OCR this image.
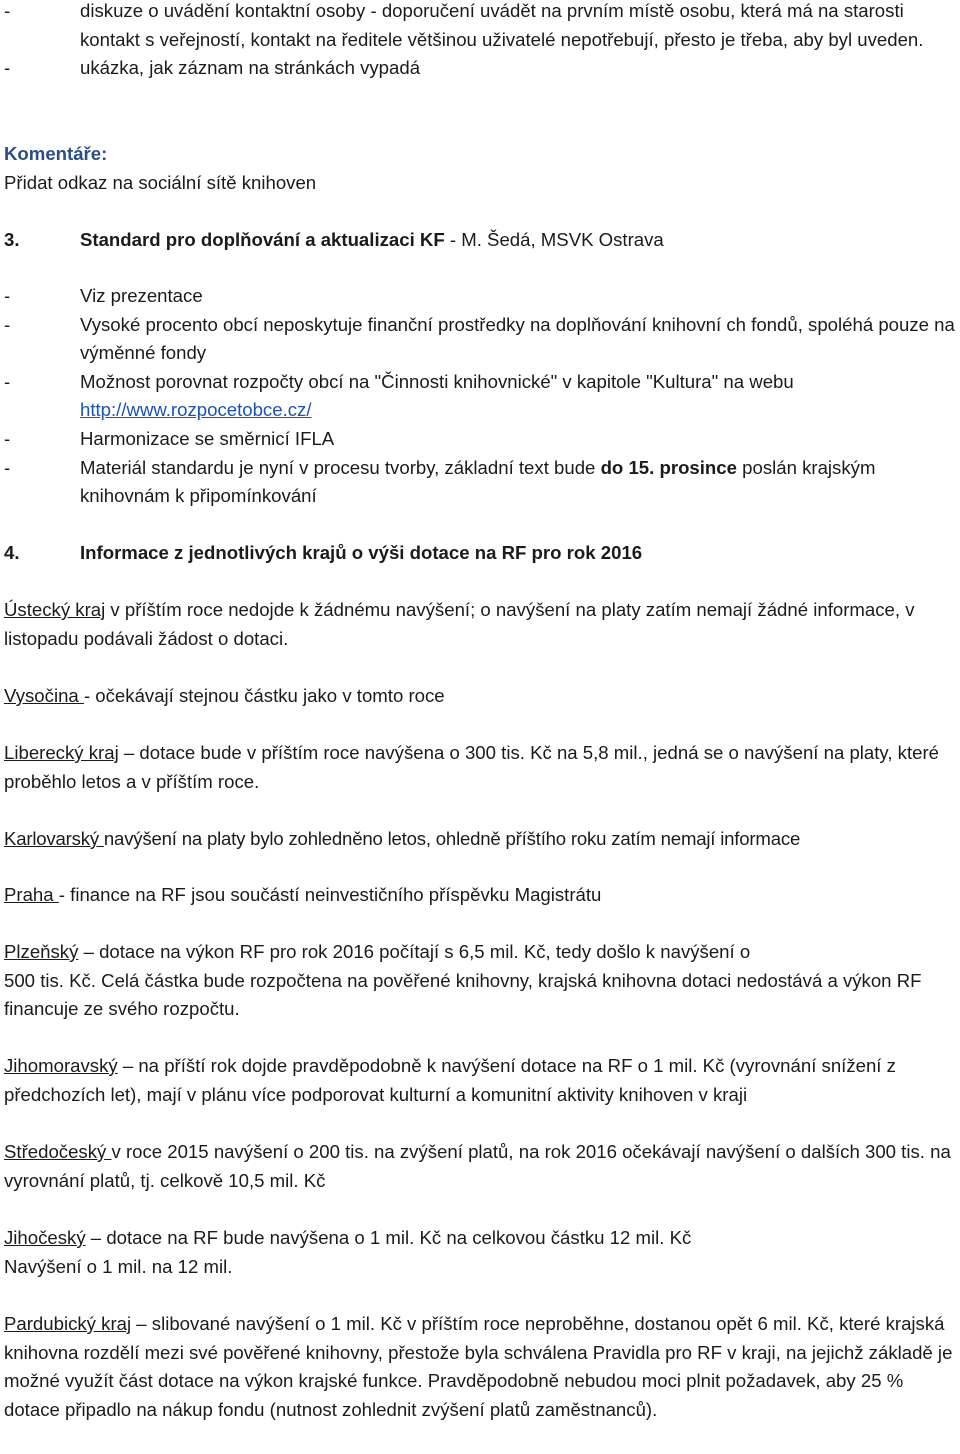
-	diskuze o uvádění kontaktní osoby - doporučení uvádět na prvním místě osobu, která má na starosti kontakt s veřejností, kontakt na ředitele většinou uživatelé nepotřebují, přesto je třeba, aby byl uveden.
-	ukázka, jak záznam na stránkách vypadá
Komentáře:
Přidat odkaz na sociální sítě knihoven
3.	Standard pro doplňování a aktualizaci KF - M. Šedá, MSVK Ostrava
-	Viz prezentace
-	Vysoké procento obcí neposkytuje finanční prostředky na doplňování knihovní ch fondů, spoléhá pouze na výměnné fondy
-	Možnost porovnat rozpočty obcí na "Činnosti knihovnické" v kapitole "Kultura" na webu
http://www.rozpocetobce.cz/
-	Harmonizace se směrnicí IFLA
-	Materiál standardu je nyní v procesu tvorby, základní text bude do 15. prosince poslán krajským knihovnám k připomínkování
4.	Informace z jednotlivých krajů o výši dotace na RF pro rok 2016
Ústecký kraj v příštím roce nedojde k žádnému navýšení; o navýšení na platy zatím nemají žádné informace, v listopadu podávali žádost o dotaci.
Vysočina - očekávají stejnou částku jako v tomto roce
Liberecký kraj – dotace bude v příštím roce navýšena o 300 tis. Kč na 5,8 mil., jedná se o navýšení na platy, které proběhlo letos a v příštím roce.
Karlovarský navýšení na platy bylo zohledněno letos, ohledně příštího roku zatím nemají informace
Praha - finance na RF jsou součástí neinvestičního příspěvku Magistrátu
Plzeňský – dotace na výkon RF pro rok 2016 počítají s 6,5 mil. Kč, tedy došlo k navýšení o
500 tis. Kč. Celá částka bude rozpočtena na pověřené knihovny, krajská knihovna dotaci nedostává a výkon RF financuje ze svého rozpočtu.
Jihomoravský – na příští rok dojde pravděpodobně k navýšení dotace na RF o 1 mil. Kč (vyrovnání snížení z předchozích let), mají v plánu více podporovat kulturní a komunitní aktivity knihoven v kraji
Středočeský v roce 2015 navýšení o 200 tis. na zvýšení platů, na rok 2016 očekávají navýšení o dalších 300 tis. na vyrovnání platů, tj. celkově 10,5 mil. Kč
Jihočeský – dotace na RF bude navýšena o 1 mil. Kč na celkovou částku 12 mil. Kč
Navýšení o 1 mil. na 12 mil.
Pardubický kraj – slibované navýšení o 1 mil. Kč v příštím roce neproběhne, dostanou opět 6 mil. Kč, které krajská knihovna rozdělí mezi své pověřené knihovny, přestože byla schválena Pravidla pro RF v kraji, na jejichž základě je možné využít část dotace na výkon krajské funkce. Pravděpodobně nebudou moci plnit požadavek, aby 25 % dotace připadlo na nákup fondu (nutnost zohlednit zvýšení platů zaměstnanců).
